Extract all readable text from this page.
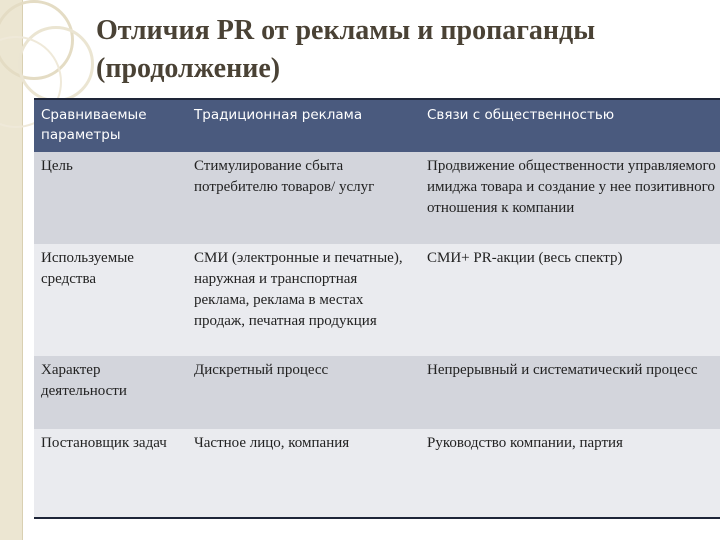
Отличия PR от рекламы и пропаганды
(продолжение)
Сравниваемые параметры	Традиционная реклама	Связи с общественностью
Цель	Стимулирование сбыта потребителю товаров/ услуг	Продвижение общественности управляемого имиджа товара и создание у нее позитивного отношения к компании
Используемые средства	СМИ (электронные и печатные), наружная и транспортная реклама, реклама в местах продаж, печатная продукция	СМИ+ PR-акции (весь спектр)
Характер деятельности	Дискретный процесс	Непрерывный и систематический процесс
Постановщик задач	Частное лицо, компания	Руководство компании, партия
